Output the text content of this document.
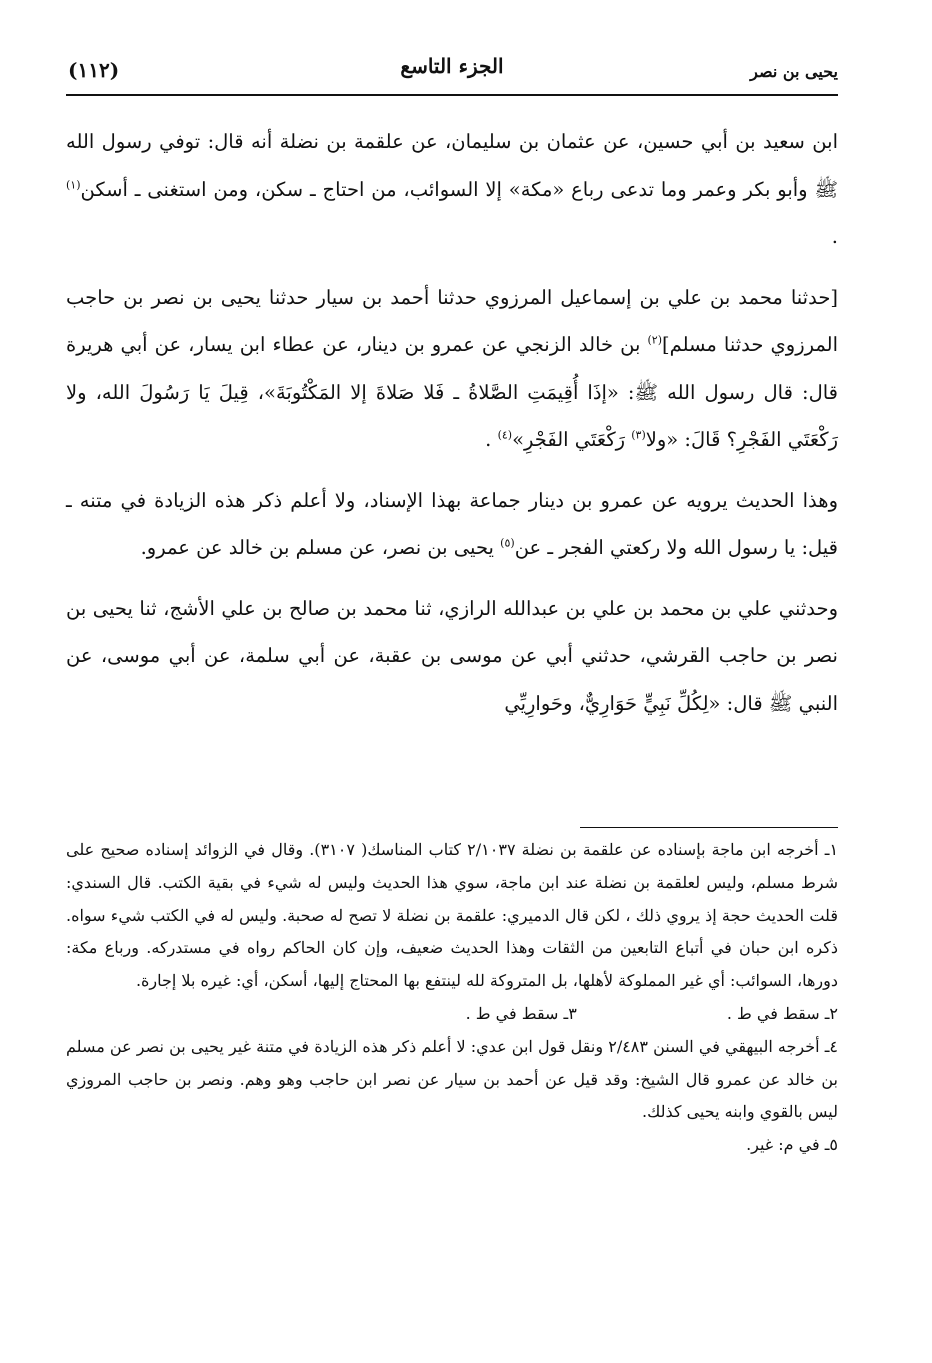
يحيى بن نصر
الجزء التاسع
(١١٢)

ابن سعيد بن أبي حسين، عن عثمان بن سليمان، عن علقمة بن نضلة أنه قال: توفي رسول الله ﷺ وأبو بكر وعمر وما تدعى رباع «مكة» إلا السوائب، من احتاج ـ سكن، ومن استغنى ـ أسكن$^{(١)}$ .

[حدثنا محمد بن علي بن إسماعيل المرزوي حدثنا أحمد بن سيار حدثنا يحيى بن نصر بن حاجب المرزوي حدثنا مسلم]$^{(٢)}$ بن خالد الزنجي عن عمرو بن دينار، عن عطاء ابن يسار، عن أبي هريرة قال: قال رسول الله ﷺ: «إذَا أُقِيمَتِ الصَّلاةُ ـ فَلا صَلاةَ إلا المَكْتُوبَةَ»، قِيلَ يَا رَسُولَ الله، ولا رَكْعَتَي الفَجْرِ؟ قَالَ: «ولا$^{(٣)}$ رَكْعَتَي الفَجْرِ»$^{(٤)}$ .

وهذا الحديث يرويه عن عمرو بن دينار جماعة بهذا الإسناد، ولا أعلم ذكر هذه الزيادة في متنه ـ قيل: يا رسول الله ولا ركعتي الفجر ـ عن$^{(٥)}$ يحيى بن نصر، عن مسلم بن خالد عن عمرو.

وحدثني علي بن محمد بن علي بن عبدالله الرازي، ثنا محمد بن صالح بن علي الأشج، ثنا يحيى بن نصر بن حاجب القرشي، حدثني أبي عن موسى بن عقبة، عن أبي سلمة، عن أبي موسى، عن النبي ﷺ قال: «لِكُلِّ نَبِيٍّ حَوَارِيٌّ، وحَوارِيِّي

١ـ أخرجه ابن ماجة بإسناده عن علقمة بن نضلة ٢/١٠٣٧ كتاب المناسك( ٣١٠٧). وقال في الزوائد إسناده صحيح على شرط مسلم، وليس لعلقمة بن نضلة عند ابن ماجة، سوي هذا الحديث وليس له شيء في بقية الكتب. قال السندي: قلت الحديث حجة إذ يروي ذلك ، لكن قال الدميري: علقمة بن نضلة لا تصح له صحبة. وليس له في الكتب شيء سواه. ذكره ابن حبان في أتباع التابعين من الثقات وهذا الحديث ضعيف، وإن كان الحاكم رواه في مستدركه. ورباع مكة: دورها، السوائب: أي غير المملوكة لأهلها، بل المتروكة لله لينتفع بها المحتاج إليها، أسكن، أي: غيره بلا إجارة.

٢ـ سقط في ط .
٣ـ سقط في ط .

٤ـ أخرجه البيهقي في السنن ٢/٤٨٣ ونقل قول ابن عدي: لا أعلم ذكر هذه الزيادة في متنة غير يحيى بن نصر عن مسلم بن خالد عن عمرو قال الشيخ: وقد قيل عن أحمد بن سيار عن نصر ابن حاجب وهو وهم. ونصر بن حاجب المروزي ليس بالقوي وابنه يحيى كذلك.

٥ـ في م: غير.
